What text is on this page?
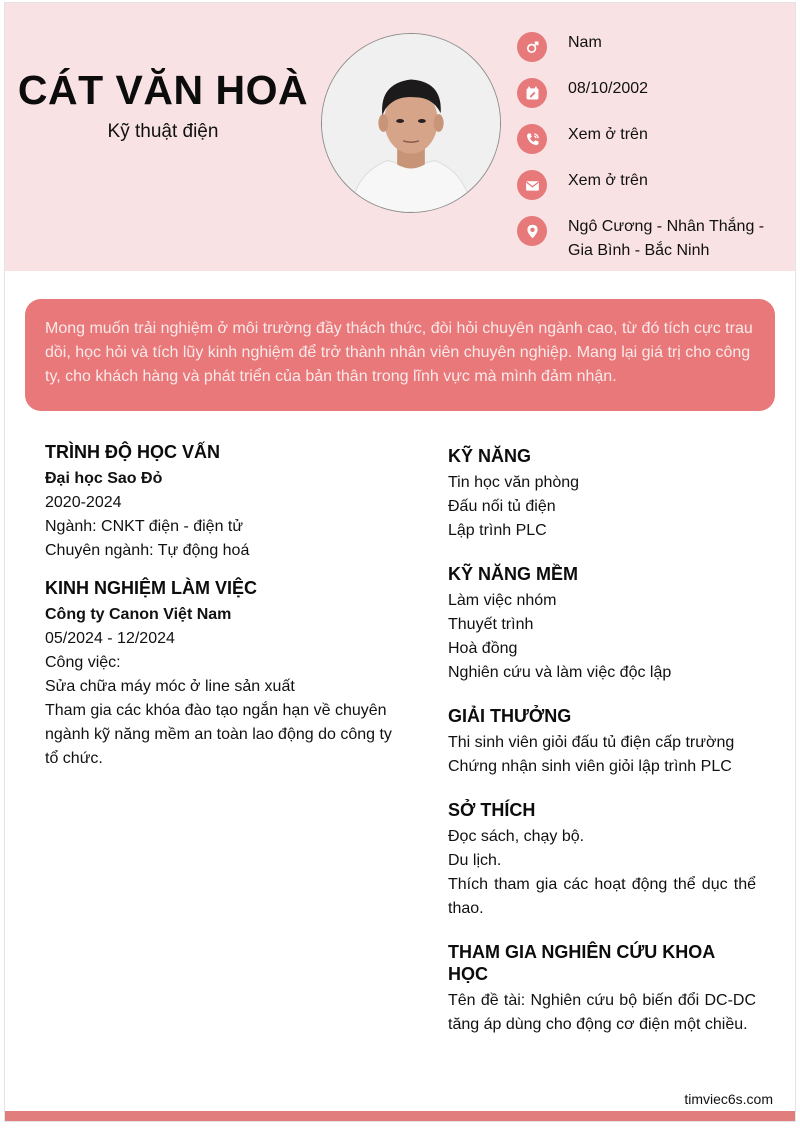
CÁT VĂN HOÀ
Kỹ thuật điện
Nam
08/10/2002
Xem ở trên
Xem ở trên
Ngô Cương - Nhân Thắng - Gia Bình - Bắc Ninh
Mong muốn trải nghiệm ở môi trường đầy thách thức, đòi hỏi chuyên ngành cao, từ đó tích cực trau dồi, học hỏi và tích lũy kinh nghiệm để trở thành nhân viên chuyên nghiệp. Mang lại giá trị cho công ty, cho khách hàng và phát triển của bản thân trong lĩnh vực mà mình đảm nhận.
TRÌNH ĐỘ HỌC VẤN
Đại học Sao Đỏ
2020-2024
Ngành: CNKT điện - điện tử
Chuyên ngành: Tự động hoá
KINH NGHIỆM LÀM VIỆC
Công ty Canon Việt Nam
05/2024 - 12/2024
Công việc:
Sửa chữa máy móc ở line sản xuất
Tham gia các khóa đào tạo ngắn hạn về chuyên ngành kỹ năng mềm an toàn lao động do công ty tổ chức.
KỸ NĂNG
Tin học văn phòng
Đấu nối tủ điện
Lập trình PLC
KỸ NĂNG MỀM
Làm việc nhóm
Thuyết trình
Hoà đồng
Nghiên cứu và làm việc độc lập
GIẢI THƯỞNG
Thi sinh viên giỏi đấu tủ điện cấp trường
Chứng nhận sinh viên giỏi lập trình PLC
SỞ THÍCH
Đọc sách, chạy bộ.
Du lịch.
Thích tham gia các hoạt động thể dục thể thao.
THAM GIA NGHIÊN CỨU KHOA HỌC
Tên đề tài: Nghiên cứu bộ biến đổi DC-DC tăng áp dùng cho động cơ điện một chiều.
timviec6s.com
